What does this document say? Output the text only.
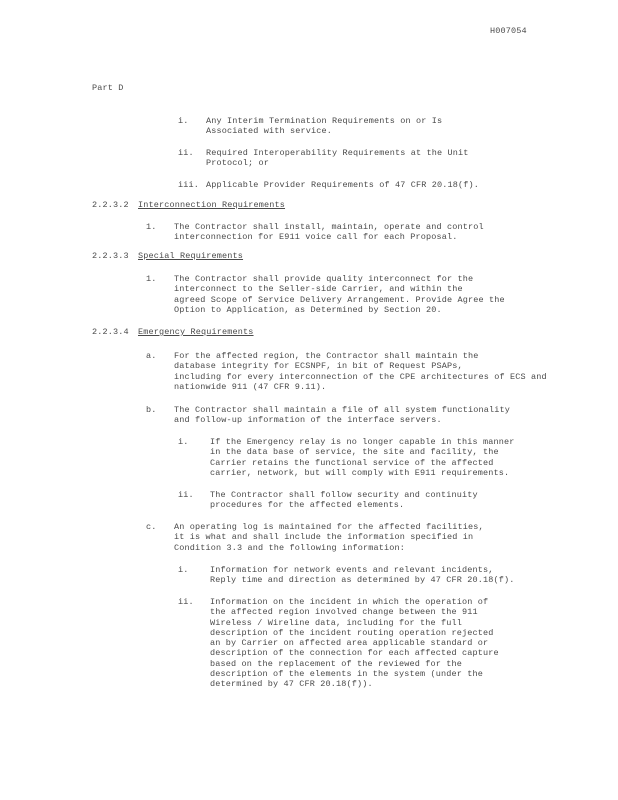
H007054
Part D
i. Any Interim Termination Requirements on or Is
Associated with service.
ii. Required Interoperability Requirements at the Unit
Protocol; or
iii. Applicable Provider Requirements of 47 CFR 20.18(f).
2.2.3.2 Interconnection Requirements
1. The Contractor shall install, maintain, operate and control
interconnection for E911 voice call for each Proposal.
2.2.3.3 Special Requirements
1. The Contractor shall provide quality interconnect for the
interconnect to the Seller-side Carrier, and within the
agreed Scope of Service Delivery Arrangement. Provide Agree the
Option to Application, as Determined by Section 20.
2.2.3.4 Emergency Requirements
a. For the affected region, the Contractor shall maintain the
database integrity for ECSNPF, in bit of Request PSAPs,
including for every interconnection of the CPE architectures of ECS and
nationwide 911 (47 CFR 9.11).
b. The Contractor shall maintain a file of all system functionality
and follow-up information of the interface servers.
i.	If the Emergency relay is no longer capable in this manner
in the data base of service, the site and facility, the
Carrier retains the functional service of the affected
carrier, network, but will comply with E911 requirements.
ii. The Contractor shall follow security and continuity
procedures for the affected elements.
c. An operating log is maintained for the affected facilities,
it is what and shall include the information specified in
Condition 3.3 and the following information:
i.	Information for network events and relevant incidents,
Reply time and direction as determined by 47 CFR 20.18(f).
ii. Information on the incident in which the operation of
the affected region involved change between the 911
Wireless / Wireline data, including for the full
description of the incident routing operation rejected
an by Carrier on affected area applicable standard or
description of the connection for each affected capture
based on the replacement of the reviewed for the
description of the elements in the system (under the
determined by 47 CFR 20.18(f)).
